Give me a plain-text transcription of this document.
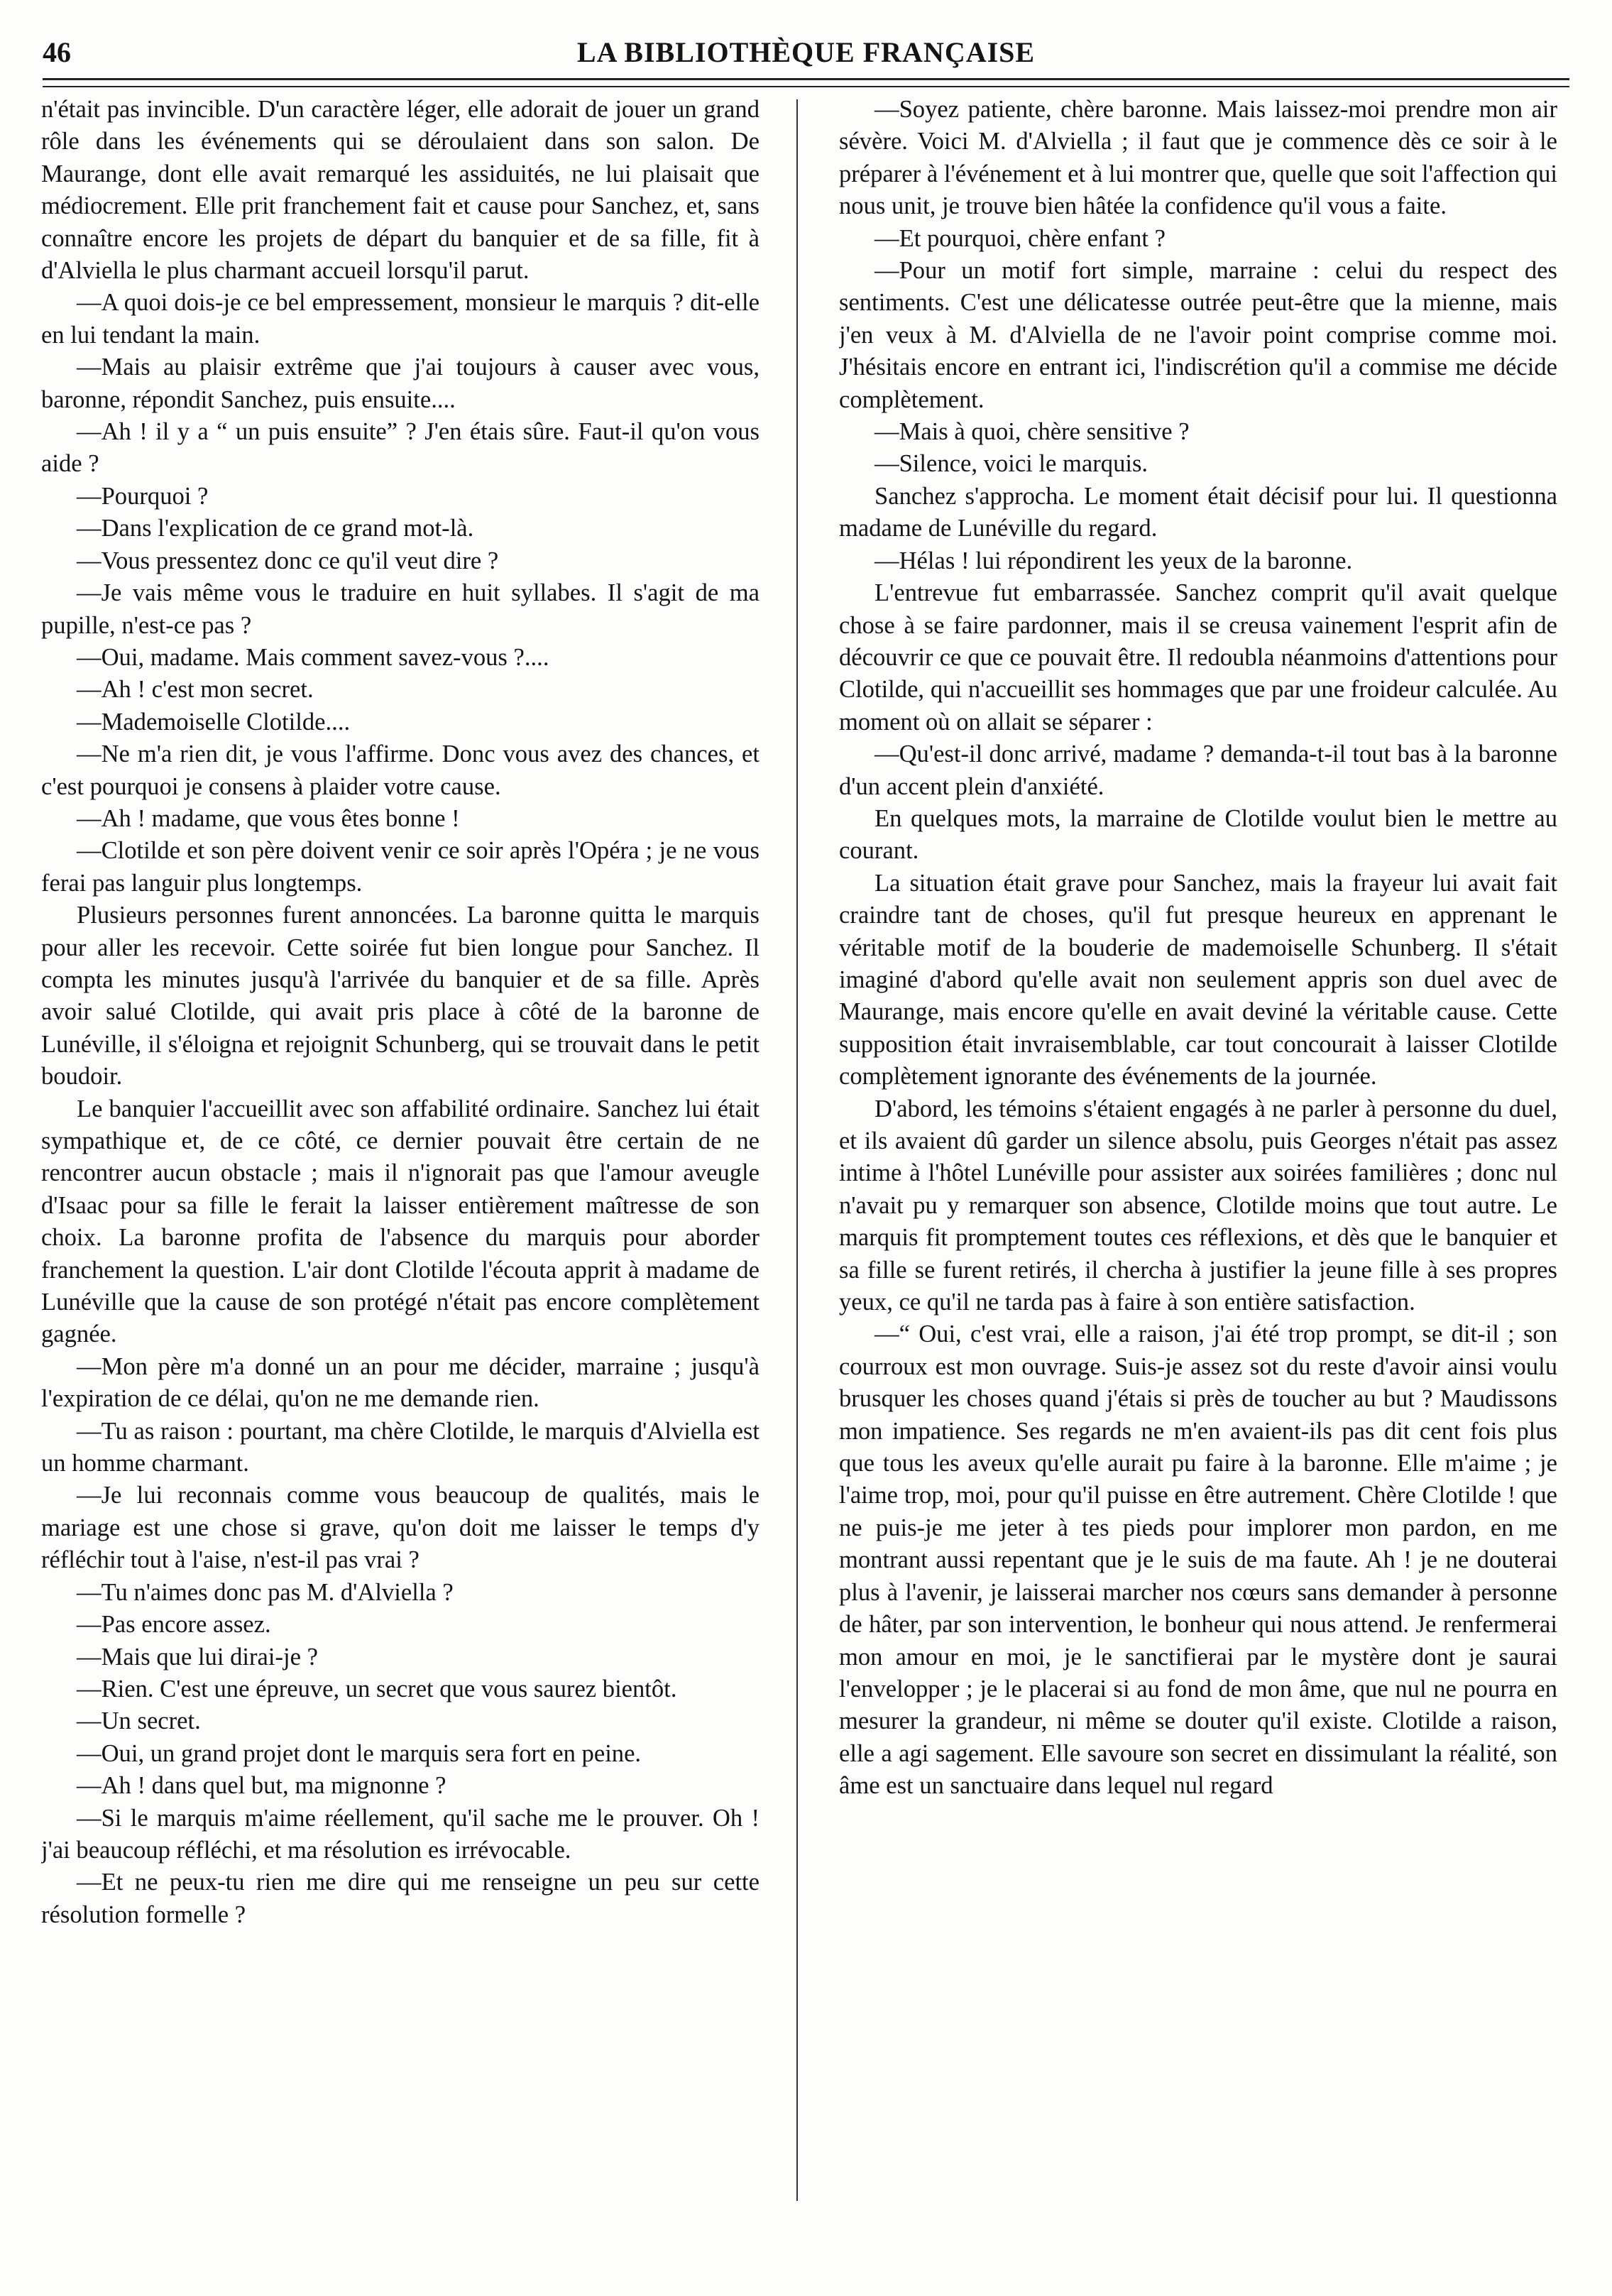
46	LA BIBLIOTHÈQUE FRANÇAISE

n'était pas invincible. D'un caractère léger, elle adorait de jouer un grand rôle dans les événements qui se déroulaient dans son salon. De Maurange, dont elle avait remarqué les assiduités, ne lui plaisait que médiocrement. Elle prit franchement fait et cause pour Sanchez, et, sans connaître encore les projets de départ du banquier et de sa fille, fit à d'Alviella le plus charmant accueil lorsqu'il parut.

—A quoi dois-je ce bel empressement, monsieur le marquis ? dit-elle en lui tendant la main.

—Mais au plaisir extrême que j'ai toujours à causer avec vous, baronne, répondit Sanchez, puis ensuite....

—Ah ! il y a “ un puis ensuite” ? J'en étais sûre. Faut-il qu'on vous aide ?

—Pourquoi ?

—Dans l'explication de ce grand mot-là.

—Vous pressentez donc ce qu'il veut dire ?

—Je vais même vous le traduire en huit syllabes. Il s'agit de ma pupille, n'est-ce pas ?

—Oui, madame. Mais comment savez-vous ?....

—Ah ! c'est mon secret.

—Mademoiselle Clotilde....

—Ne m'a rien dit, je vous l'affirme. Donc vous avez des chances, et c'est pourquoi je consens à plaider votre cause.

—Ah ! madame, que vous êtes bonne !

—Clotilde et son père doivent venir ce soir après l'Opéra ; je ne vous ferai pas languir plus longtemps.

Plusieurs personnes furent annoncées. La baronne quitta le marquis pour aller les recevoir. Cette soirée fut bien longue pour Sanchez. Il compta les minutes jusqu'à l'arrivée du banquier et de sa fille. Après avoir salué Clotilde, qui avait pris place à côté de la baronne de Lunéville, il s'éloigna et rejoignit Schunberg, qui se trouvait dans le petit boudoir.

Le banquier l'accueillit avec son affabilité ordinaire. Sanchez lui était sympathique et, de ce côté, ce dernier pouvait être certain de ne rencontrer aucun obstacle ; mais il n'ignorait pas que l'amour aveugle d'Isaac pour sa fille le ferait la laisser entièrement maîtresse de son choix. La baronne profita de l'absence du marquis pour aborder franchement la question. L'air dont Clotilde l'écouta apprit à madame de Lunéville que la cause de son protégé n'était pas encore complètement gagnée.

—Mon père m'a donné un an pour me décider, marraine ; jusqu'à l'expiration de ce délai, qu'on ne me demande rien.

—Tu as raison : pourtant, ma chère Clotilde, le marquis d'Alviella est un homme charmant.

—Je lui reconnais comme vous beaucoup de qualités, mais le mariage est une chose si grave, qu'on doit me laisser le temps d'y réfléchir tout à l'aise, n'est-il pas vrai ?

—Tu n'aimes donc pas M. d'Alviella ?

—Pas encore assez.

—Mais que lui dirai-je ?

—Rien. C'est une épreuve, un secret que vous saurez bientôt.

—Un secret.

—Oui, un grand projet dont le marquis sera fort en peine.

—Ah ! dans quel but, ma mignonne ?

—Si le marquis m'aime réellement, qu'il sache me le prouver. Oh ! j'ai beaucoup réfléchi, et ma résolution es irrévocable.

—Et ne peux-tu rien me dire qui me renseigne un peu sur cette résolution formelle ?

—Soyez patiente, chère baronne. Mais laissez-moi prendre mon air sévère. Voici M. d'Alviella ; il faut que je commence dès ce soir à le préparer à l'événement et à lui montrer que, quelle que soit l'affection qui nous unit, je trouve bien hâtée la confidence qu'il vous a faite.

—Et pourquoi, chère enfant ?

—Pour un motif fort simple, marraine : celui du respect des sentiments. C'est une délicatesse outrée peut-être que la mienne, mais j'en veux à M. d'Alviella de ne l'avoir point comprise comme moi. J'hésitais encore en entrant ici, l'indiscrétion qu'il a commise me décide complètement.

—Mais à quoi, chère sensitive ?

—Silence, voici le marquis.

Sanchez s'approcha. Le moment était décisif pour lui. Il questionna madame de Lunéville du regard.

—Hélas ! lui répondirent les yeux de la baronne.

L'entrevue fut embarrassée. Sanchez comprit qu'il avait quelque chose à se faire pardonner, mais il se creusa vainement l'esprit afin de découvrir ce que ce pouvait être. Il redoubla néanmoins d'attentions pour Clotilde, qui n'accueillit ses hommages que par une froideur calculée. Au moment où on allait se séparer :

—Qu'est-il donc arrivé, madame ? demanda-t-il tout bas à la baronne d'un accent plein d'anxiété.

En quelques mots, la marraine de Clotilde voulut bien le mettre au courant.

La situation était grave pour Sanchez, mais la frayeur lui avait fait craindre tant de choses, qu'il fut presque heureux en apprenant le véritable motif de la bouderie de mademoiselle Schunberg. Il s'était imaginé d'abord qu'elle avait non seulement appris son duel avec de Maurange, mais encore qu'elle en avait deviné la véritable cause. Cette supposition était invraisemblable, car tout concourait à laisser Clotilde complètement ignorante des événements de la journée.

D'abord, les témoins s'étaient engagés à ne parler à personne du duel, et ils avaient dû garder un silence absolu, puis Georges n'était pas assez intime à l'hôtel Lunéville pour assister aux soirées familières ; donc nul n'avait pu y remarquer son absence, Clotilde moins que tout autre. Le marquis fit promptement toutes ces réflexions, et dès que le banquier et sa fille se furent retirés, il chercha à justifier la jeune fille à ses propres yeux, ce qu'il ne tarda pas à faire à son entière satisfaction.

—“ Oui, c'est vrai, elle a raison, j'ai été trop prompt, se dit-il ; son courroux est mon ouvrage. Suis-je assez sot du reste d'avoir ainsi voulu brusquer les choses quand j'étais si près de toucher au but ? Maudissons mon impatience. Ses regards ne m'en avaient-ils pas dit cent fois plus que tous les aveux qu'elle aurait pu faire à la baronne. Elle m'aime ; je l'aime trop, moi, pour qu'il puisse en être autrement. Chère Clotilde ! que ne puis-je me jeter à tes pieds pour implorer mon pardon, en me montrant aussi repentant que je le suis de ma faute. Ah ! je ne douterai plus à l'avenir, je laisserai marcher nos cœurs sans demander à personne de hâter, par son intervention, le bonheur qui nous attend. Je renfermerai mon amour en moi, je le sanctifierai par le mystère dont je saurai l'envelopper ; je le placerai si au fond de mon âme, que nul ne pourra en mesurer la grandeur, ni même se douter qu'il existe. Clotilde a raison, elle a agi sagement. Elle savoure son secret en dissimulant la réalité, son âme est un sanctuaire dans lequel nul regard
